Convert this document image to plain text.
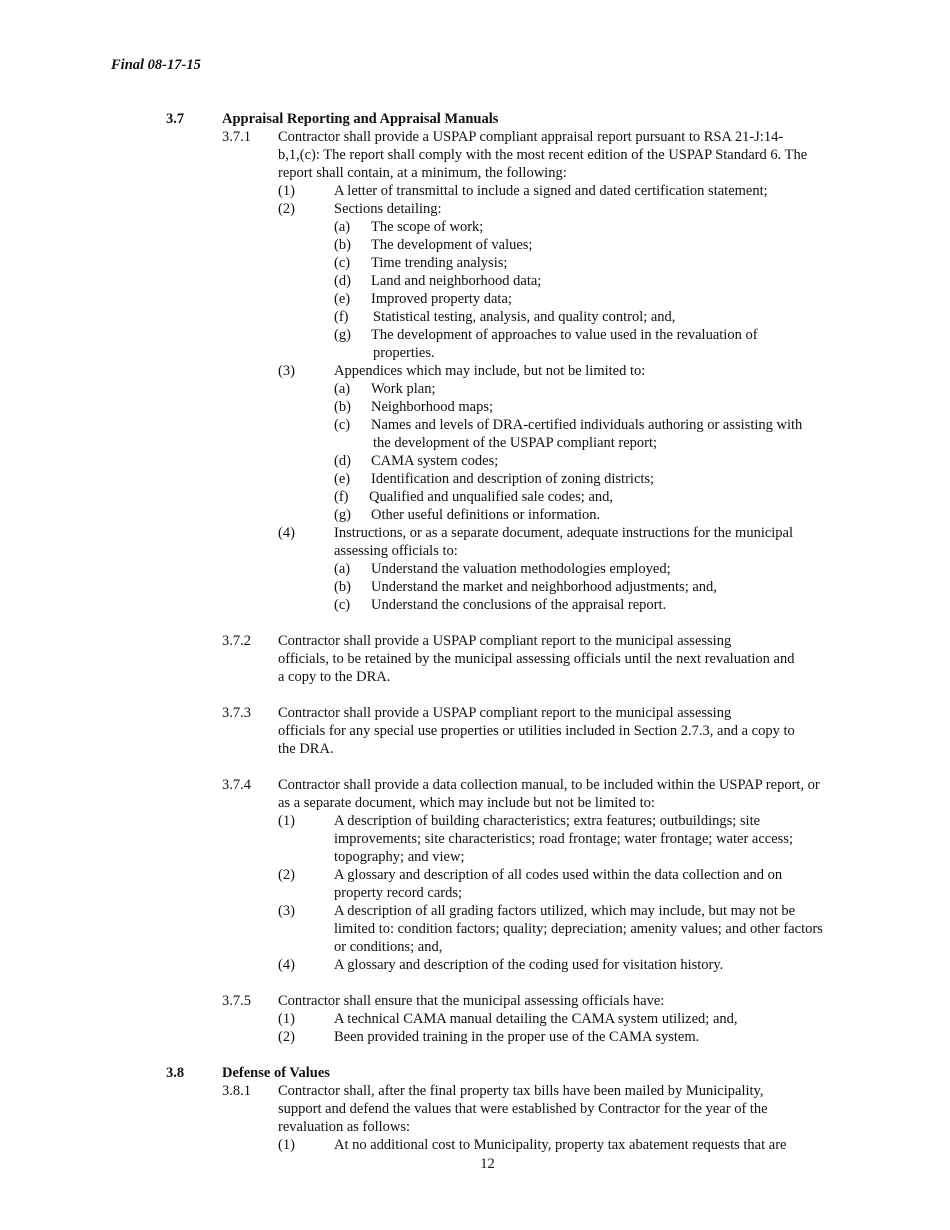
Final 08-17-15
3.7	Appraisal Reporting and Appraisal Manuals

3.7.1 Contractor shall provide a USPAP compliant appraisal report pursuant to RSA 21-J:14-

b,1,(c): The report shall comply with the most recent edition of the USPAP Standard 6. The

report shall contain, at a minimum, the following:

(1)	A letter of transmittal to include a signed and dated certification statement;

(2)	Sections detailing:

(a) The scope of work;

(b) The development of values;

(c) Time trending analysis;

(d) Land and neighborhood data;

(e) Improved property data;

(f) Statistical testing, analysis, and quality control; and,

(g) The development of approaches to value used in the revaluation of

properties.

(3)	Appendices which may include, but not be limited to:

(a) Work plan;

(b) Neighborhood maps;

(c) Names and levels of DRA-certified individuals authoring or assisting with

the development of the USPAP compliant report;

(d) CAMA system codes;

(e) Identification and description of zoning districts;

(f) Qualified and unqualified sale codes; and,

(g) Other useful definitions or information.

(4)	Instructions, or as a separate document, adequate instructions for the municipal

assessing officials to:

(a) Understand the valuation methodologies employed;

(b) Understand the market and neighborhood adjustments; and,

(c) Understand the conclusions of the appraisal report.

3.7.2 Contractor shall provide a USPAP compliant report to the municipal assessing

officials, to be retained by the municipal assessing officials until the next revaluation and

a copy to the DRA.

3.7.3 Contractor shall provide a USPAP compliant report to the municipal assessing

officials for any special use properties or utilities included in Section 2.7.3, and a copy to

the DRA.

3.7.4 Contractor shall provide a data collection manual, to be included within the USPAP report, or

as a separate document, which may include but not be limited to:

(1)	A description of building characteristics; extra features; outbuildings; site

improvements; site characteristics; road frontage; water frontage; water access;

topography; and view;

(2)	A glossary and description of all codes used within the data collection and on

property record cards;

(3)	A description of all grading factors utilized, which may include, but may not be

limited to: condition factors; quality; depreciation; amenity values; and other factors

or conditions; and,

(4)	A glossary and description of the coding used for visitation history.

3.7.5 Contractor shall ensure that the municipal assessing officials have:

(1)	A technical CAMA manual detailing the CAMA system utilized; and,

(2)	Been provided training in the proper use of the CAMA system.

3.8	Defense of Values

3.8.1 Contractor shall, after the final property tax bills have been mailed by Municipality,

support and defend the values that were established by Contractor for the year of the

revaluation as follows:

(1)	At no additional cost to Municipality, property tax abatement requests that are

12
